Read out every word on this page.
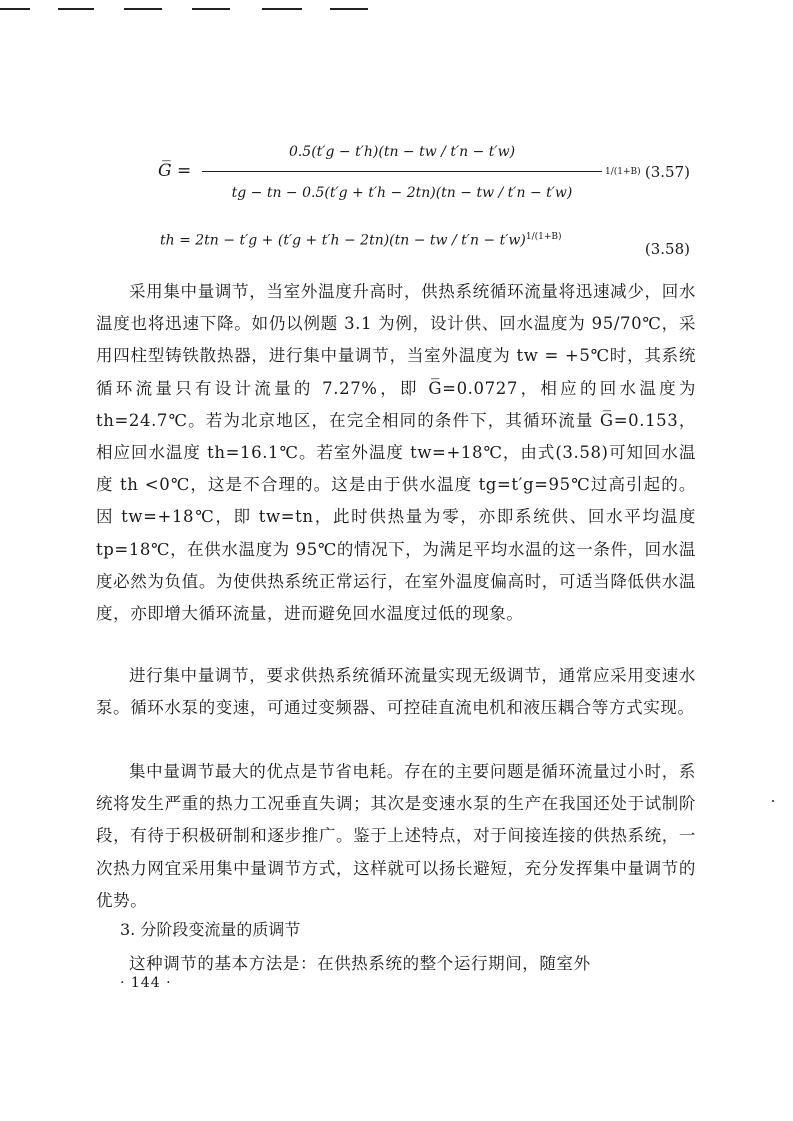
G̅ = $\frac{0.5(t'g - t'h)(tn - tw / t'n - t'w)}{tg - tn - 0.5(t'g + t'h - 2tn)(tn - tw / t'n - t'w)} 1/(1+B)$ (3.57)
th = 2tn − t′g + (t′g + t′h − 2tn)(tn − tw / t′n − t′w)$^{1/(1+B)}$
(3.58)

采用集中量调节，当室外温度升高时，供热系统循环流量将迅速减少，回水温度也将迅速下降。如仍以例题 3.1 为例，设计供、回水温度为 95/70℃，采用四柱型铸铁散热器，进行集中量调节，当室外温度为 tw = +5℃时，其系统循环流量只有设计流量的 7.27%，即 G̅=0.0727，相应的回水温度为 th=24.7℃。若为北京地区，在完全相同的条件下，其循环流量 G̅=0.153，相应回水温度 th=16.1℃。若室外温度 tw=+18℃，由式(3.58)可知回水温度 th <0℃，这是不合理的。这是由于供水温度 tg=t′g=95℃过高引起的。因 tw=+18℃，即 tw=tn，此时供热量为零，亦即系统供、回水平均温度 tp=18℃，在供水温度为 95℃的情况下，为满足平均水温的这一条件，回水温度必然为负值。为使供热系统正常运行，在室外温度偏高时，可适当降低供水温度，亦即增大循环流量，进而避免回水温度过低的现象。

进行集中量调节，要求供热系统循环流量实现无级调节，通常应采用变速水泵。循环水泵的变速，可通过变频器、可控硅直流电机和液压耦合等方式实现。

集中量调节最大的优点是节省电耗。存在的主要问题是循环流量过小时，系统将发生严重的热力工况垂直失调；其次是变速水泵的生产在我国还处于试制阶段，有待于积极研制和逐步推广。鉴于上述特点，对于间接连接的供热系统，一次热力网宜采用集中量调节方式，这样就可以扬长避短，充分发挥集中量调节的优势。

3. 分阶段变流量的质调节

这种调节的基本方法是：在供热系统的整个运行期间，随室外

· 144 ·
